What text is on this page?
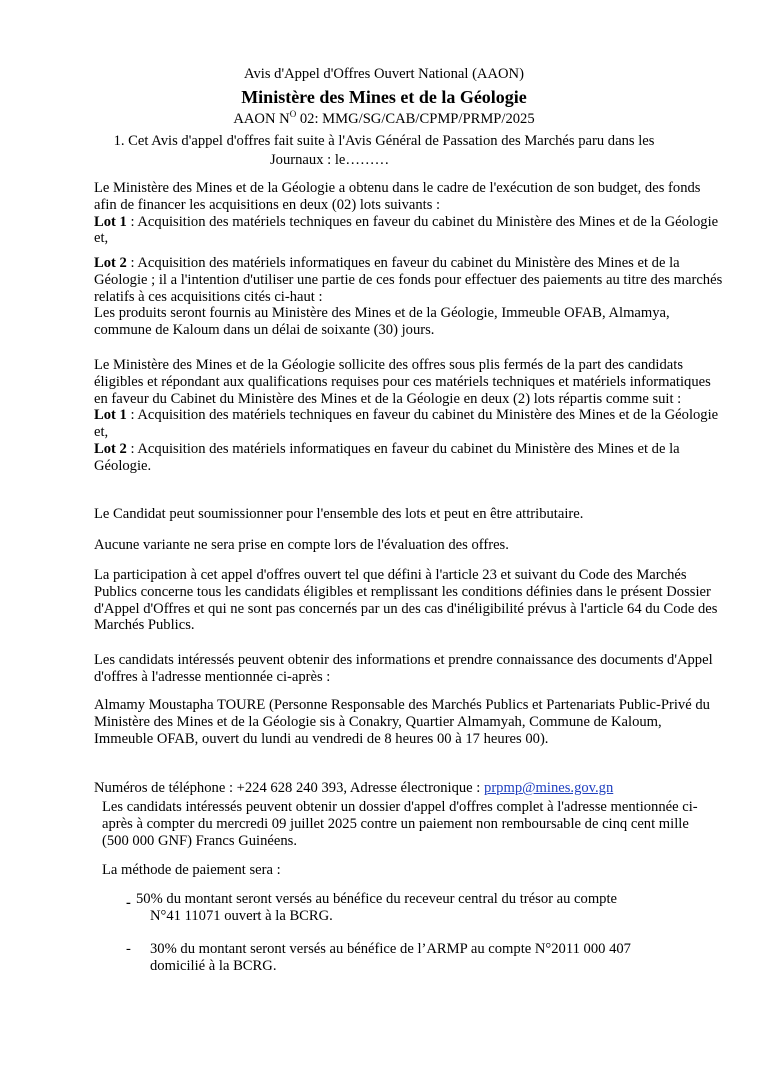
Avis d'Appel d'Offres Ouvert National (AAON)

Ministère des Mines et de la Géologie

AAON $N^O$ 02: MMG/SG/CAB/CPMP/PRMP/2025

1. Cet Avis d'appel d'offres fait suite à l'Avis Général de Passation des Marchés paru dans les

Journaux : le………

Le Ministère des Mines et de la Géologie a obtenu dans le cadre de l'exécution de son budget, des fonds afin de financer les acquisitions en deux (02) lots suivants :
Lot 1 : Acquisition des matériels techniques en faveur du cabinet du Ministère des Mines et de la Géologie et,

Lot 2 : Acquisition des matériels informatiques en faveur du cabinet du Ministère des Mines et de la Géologie ; il a l'intention d'utiliser une partie de ces fonds pour effectuer des paiements au titre des marchés relatifs à ces acquisitions cités ci-haut :
Les produits seront fournis au Ministère des Mines et de la Géologie, Immeuble OFAB, Almamya, commune de Kaloum dans un délai de soixante (30) jours.

Le Ministère des Mines et de la Géologie sollicite des offres sous plis fermés de la part des candidats éligibles et répondant aux qualifications requises pour ces matériels techniques et matériels informatiques en faveur du Cabinet du Ministère des Mines et de la Géologie en deux (2) lots répartis comme suit :
Lot 1 : Acquisition des matériels techniques en faveur du cabinet du Ministère des Mines et de la Géologie et,
Lot 2 : Acquisition des matériels informatiques en faveur du cabinet du Ministère des Mines et de la Géologie.

Le Candidat peut soumissionner pour l'ensemble des lots et peut en être attributaire.

Aucune variante ne sera prise en compte lors de l'évaluation des offres.

La participation à cet appel d'offres ouvert tel que défini à l'article 23 et suivant du Code des Marchés Publics concerne tous les candidats éligibles et remplissant les conditions définies dans le présent Dossier d'Appel d'Offres et qui ne sont pas concernés par un des cas d'inéligibilité prévus à l'article 64 du Code des Marchés Publics.

Les candidats intéressés peuvent obtenir des informations et prendre connaissance des documents d'Appel d'offres à l'adresse mentionnée ci-après :

Almamy Moustapha TOURE (Personne Responsable des Marchés Publics et Partenariats Public-Privé du Ministère des Mines et de la Géologie sis à Conakry, Quartier Almamyah, Commune de Kaloum, Immeuble OFAB, ouvert du lundi au vendredi de 8 heures 00 à 17 heures 00).

Numéros de téléphone : +224 628 240 393, Adresse électronique : prpmp@mines.gov.gn

Les candidats intéressés peuvent obtenir un dossier d'appel d'offres complet à l'adresse mentionnée ci-après à compter du mercredi 09 juillet 2025 contre un paiement non remboursable de cinq cent mille (500 000 GNF) Francs Guinéens.

La méthode de paiement sera :

- 50% du montant seront versés au bénéfice du receveur central du trésor au compte
N°41 11071 ouvert à la BCRG.
- 30% du montant seront versés au bénéfice de l’ARMP au compte N°2011 000 407
domicilié à la BCRG.
